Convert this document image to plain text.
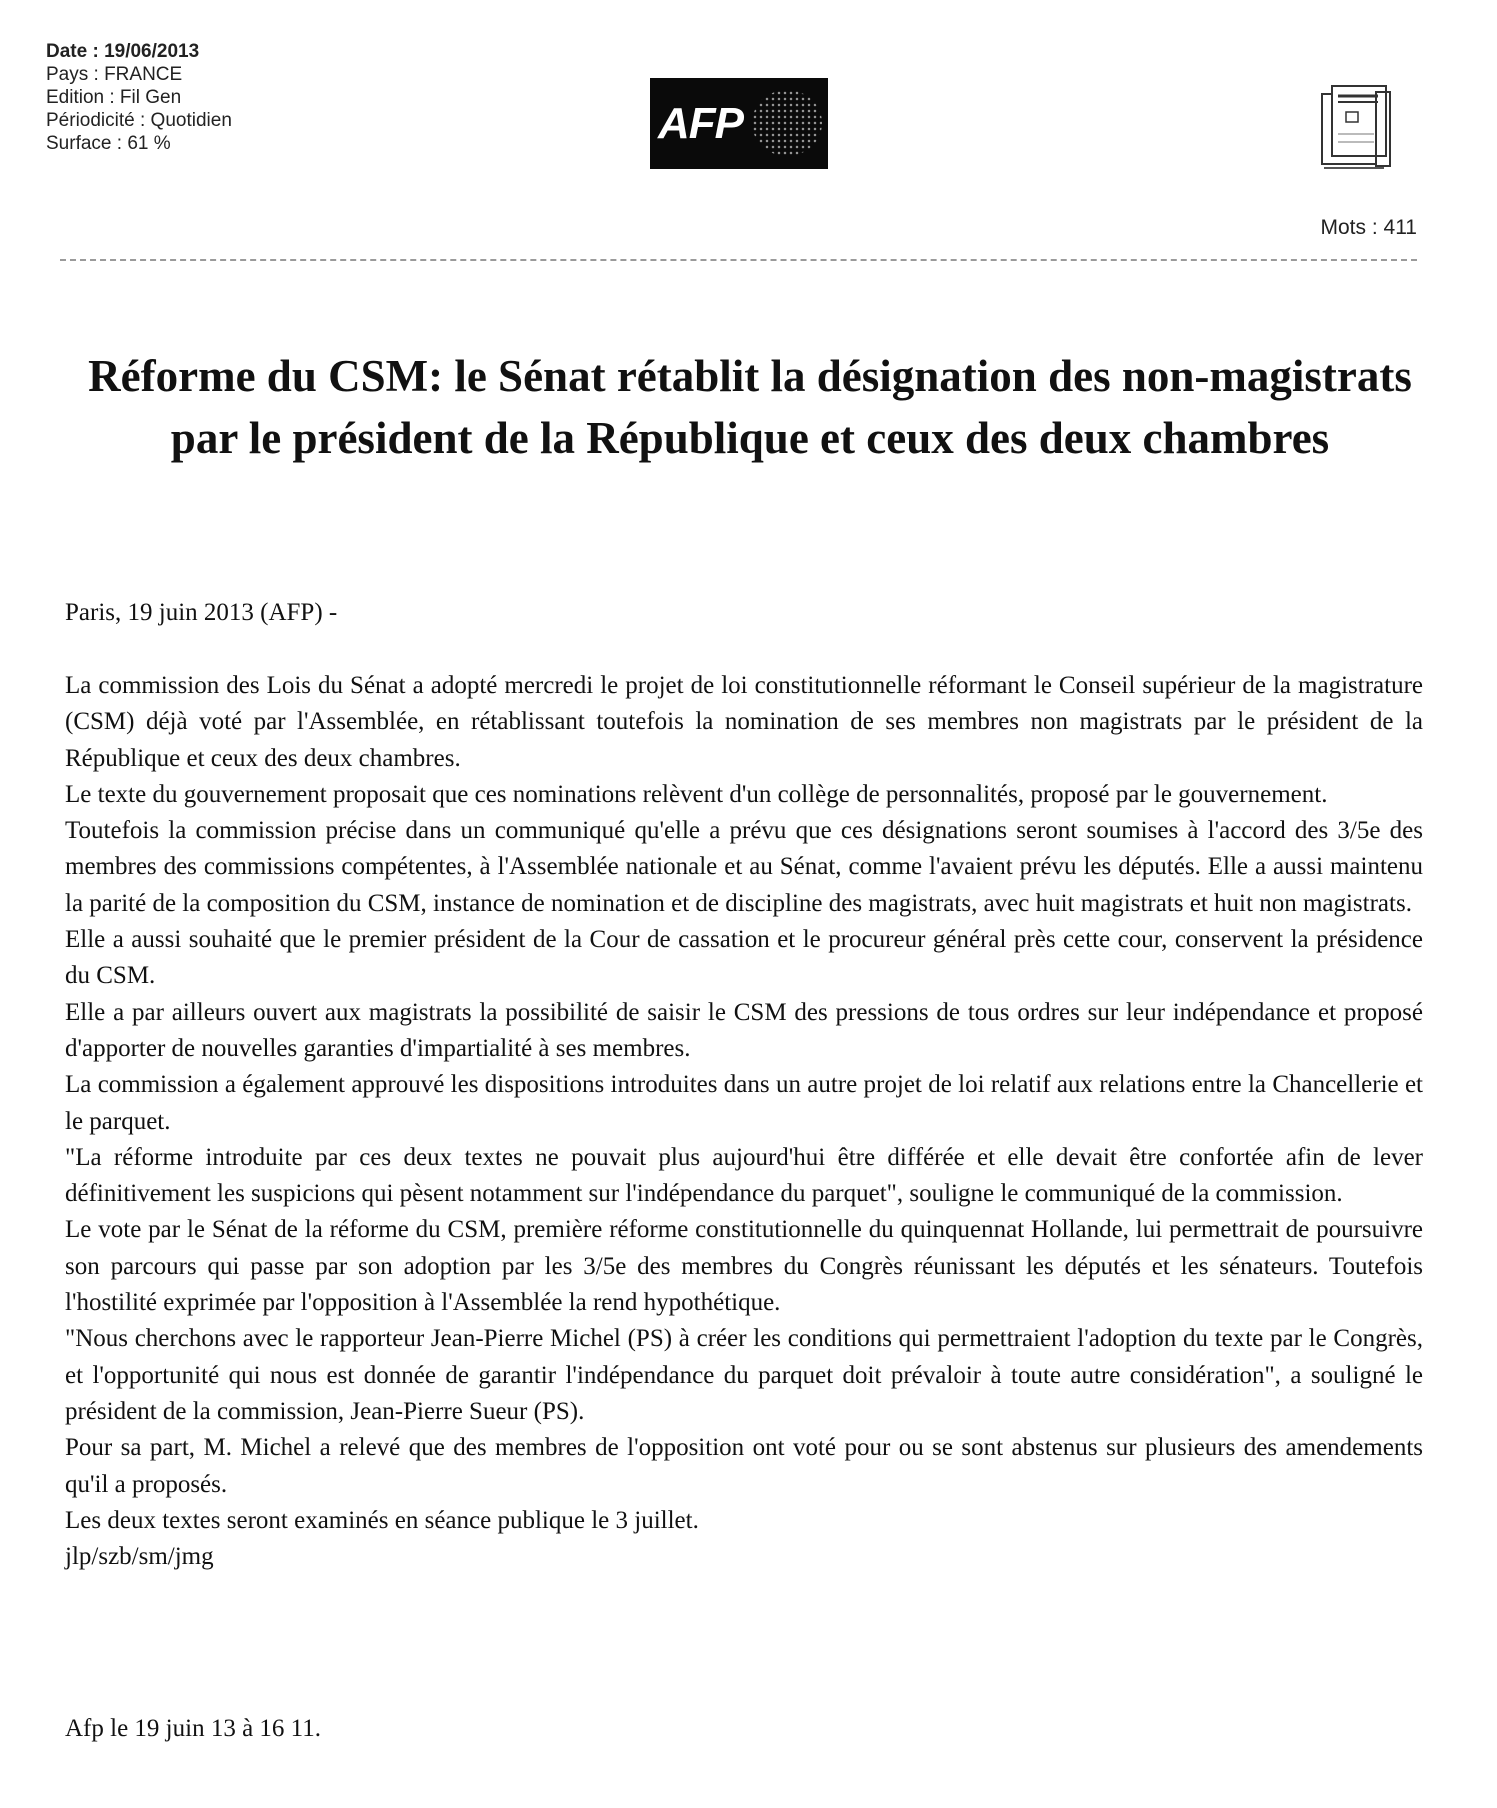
Date : 19/06/2013
Pays : FRANCE
Edition : Fil Gen
Périodicité : Quotidien
Surface : 61 %	AFP
Mots : 411
Réforme du CSM: le Sénat rétablit la désignation des non-magistrats par le président de la République et ceux des deux chambres
Paris, 19 juin 2013 (AFP) -

La commission des Lois du Sénat a adopté mercredi le projet de loi constitutionnelle réformant le Conseil supérieur de la magistrature (CSM) déjà voté par l'Assemblée, en rétablissant toutefois la nomination de ses membres non magistrats par le président de la République et ceux des deux chambres.

Le texte du gouvernement proposait que ces nominations relèvent d'un collège de personnalités, proposé par le gouvernement.

Toutefois la commission précise dans un communiqué qu'elle a prévu que ces désignations seront soumises à l'accord des 3/5e des membres des commissions compétentes, à l'Assemblée nationale et au Sénat, comme l'avaient prévu les députés. Elle a aussi maintenu la parité de la composition du CSM, instance de nomination et de discipline des magistrats, avec huit magistrats et huit non magistrats.

Elle a aussi souhaité que le premier président de la Cour de cassation et le procureur général près cette cour, conservent la présidence du CSM.

Elle a par ailleurs ouvert aux magistrats la possibilité de saisir le CSM des pressions de tous ordres sur leur indépendance et proposé d'apporter de nouvelles garanties d'impartialité à ses membres.

La commission a également approuvé les dispositions introduites dans un autre projet de loi relatif aux relations entre la Chancellerie et le parquet.

"La réforme introduite par ces deux textes ne pouvait plus aujourd'hui être différée et elle devait être confortée afin de lever définitivement les suspicions qui pèsent notamment sur l'indépendance du parquet", souligne le communiqué de la commission.

Le vote par le Sénat de la réforme du CSM, première réforme constitutionnelle du quinquennat Hollande, lui permettrait de poursuivre son parcours qui passe par son adoption par les 3/5e des membres du Congrès réunissant les députés et les sénateurs. Toutefois l'hostilité exprimée par l'opposition à l'Assemblée la rend hypothétique.

"Nous cherchons avec le rapporteur Jean-Pierre Michel (PS) à créer les conditions qui permettraient l'adoption du texte par le Congrès, et l'opportunité qui nous est donnée de garantir l'indépendance du parquet doit prévaloir à toute autre considération", a souligné le président de la commission, Jean-Pierre Sueur (PS).

Pour sa part, M. Michel a relevé que des membres de l'opposition ont voté pour ou se sont abstenus sur plusieurs des amendements qu'il a proposés.

Les deux textes seront examinés en séance publique le 3 juillet.

jlp/szb/sm/jmg
Afp le 19 juin 13 à 16 11.
